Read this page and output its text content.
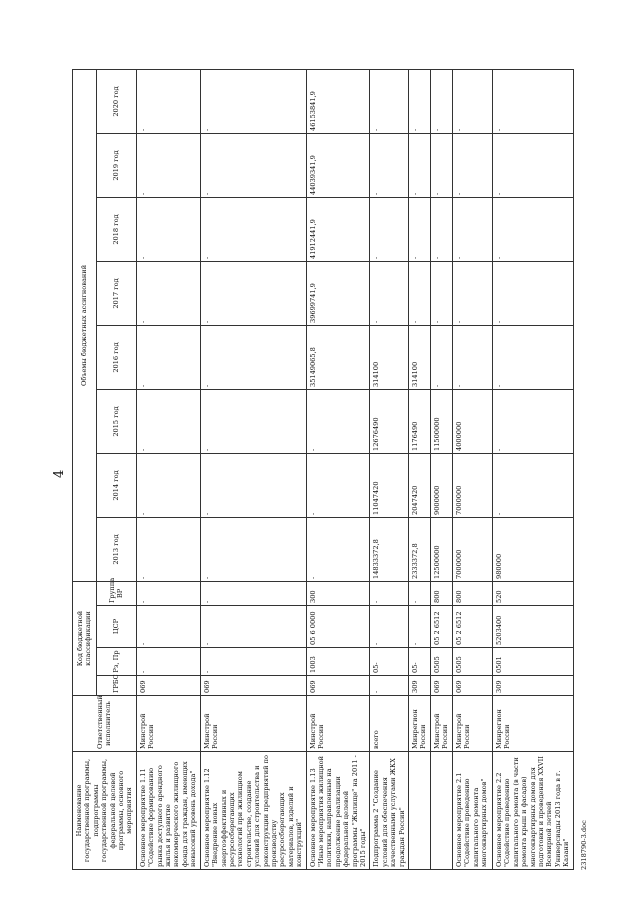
4
Наименование государственной программы, подпрограммы государственной программы, федеральной целевой программы, основного мероприятия	Ответственный исполнитель	Код бюджетной классификации				Объемы бюджетных ассигнований							
		ГРБС	Рз, Пр	ЦСР	Группа ВР	2013 год	2014 год	2015 год	2016 год	2017 год	2018 год	2019 год	2020 год
Основное мероприятие 1.11 "Содействие формированию рынка доступного арендного жилья и развитие некоммерческого жилищного фонда для граждан, имеющих невысокий уровень дохода"	Минстрой России	069	-	-	-	-	-	-	-	-	-	-	-
Основное мероприятие 1.12 "Внедрение новых энергоэффективных и ресурсосберегающих технологий при жилищном строительстве, создание условий для строительства и реконструкции предприятий по производству ресурсосберегающих материалов, изделий и конструкций"	Минстрой России	069	-	-	-	-	-	-	-	-	-	-	-
Основное мероприятие 1.13 "Иные мероприятия жилищной политики, направленные на продолжение реализации федеральной целевой программы "Жилище" на 2011 - 2015 годы"	Минстрой России	069	1003	05 6 0000	300	-	-	-	35149065,8	39699741,9	41912441,9	44039341,9	46153841,9
Подпрограмма 2 "Создание условий для обеспечения качественными услугами ЖКХ граждан России"	всего	-	05-	-	-	14833372,8	11047420	12676490	314100	-	-	-	-
	Минрегион России	309	05-	-	-	2333372,8	2047420	1176490	314100	-	-	-	-
	Минстрой России	069	0505	05 2 6512	800	12500000	9000000	11500000	-	-	-	-	-
Основное мероприятие 2.1 "Содействие проведению капитального ремонта многоквартирных домов"	Минстрой России	069	0505	05 2 6512	800	7000000	7000000	4000000	-	-	-	-	-
Основное мероприятие 2.2 "Содействие проведению капитального ремонта (в части ремонта крыш и фасадов) многоквартирных домов для подготовки и проведения XXVII Всемирной летней Универсиады 2013 года в г. Казани"	Минрегион России	309	0501	5203400	520	980000	-	-	-	-	-	-	-
2318790-3.doc
